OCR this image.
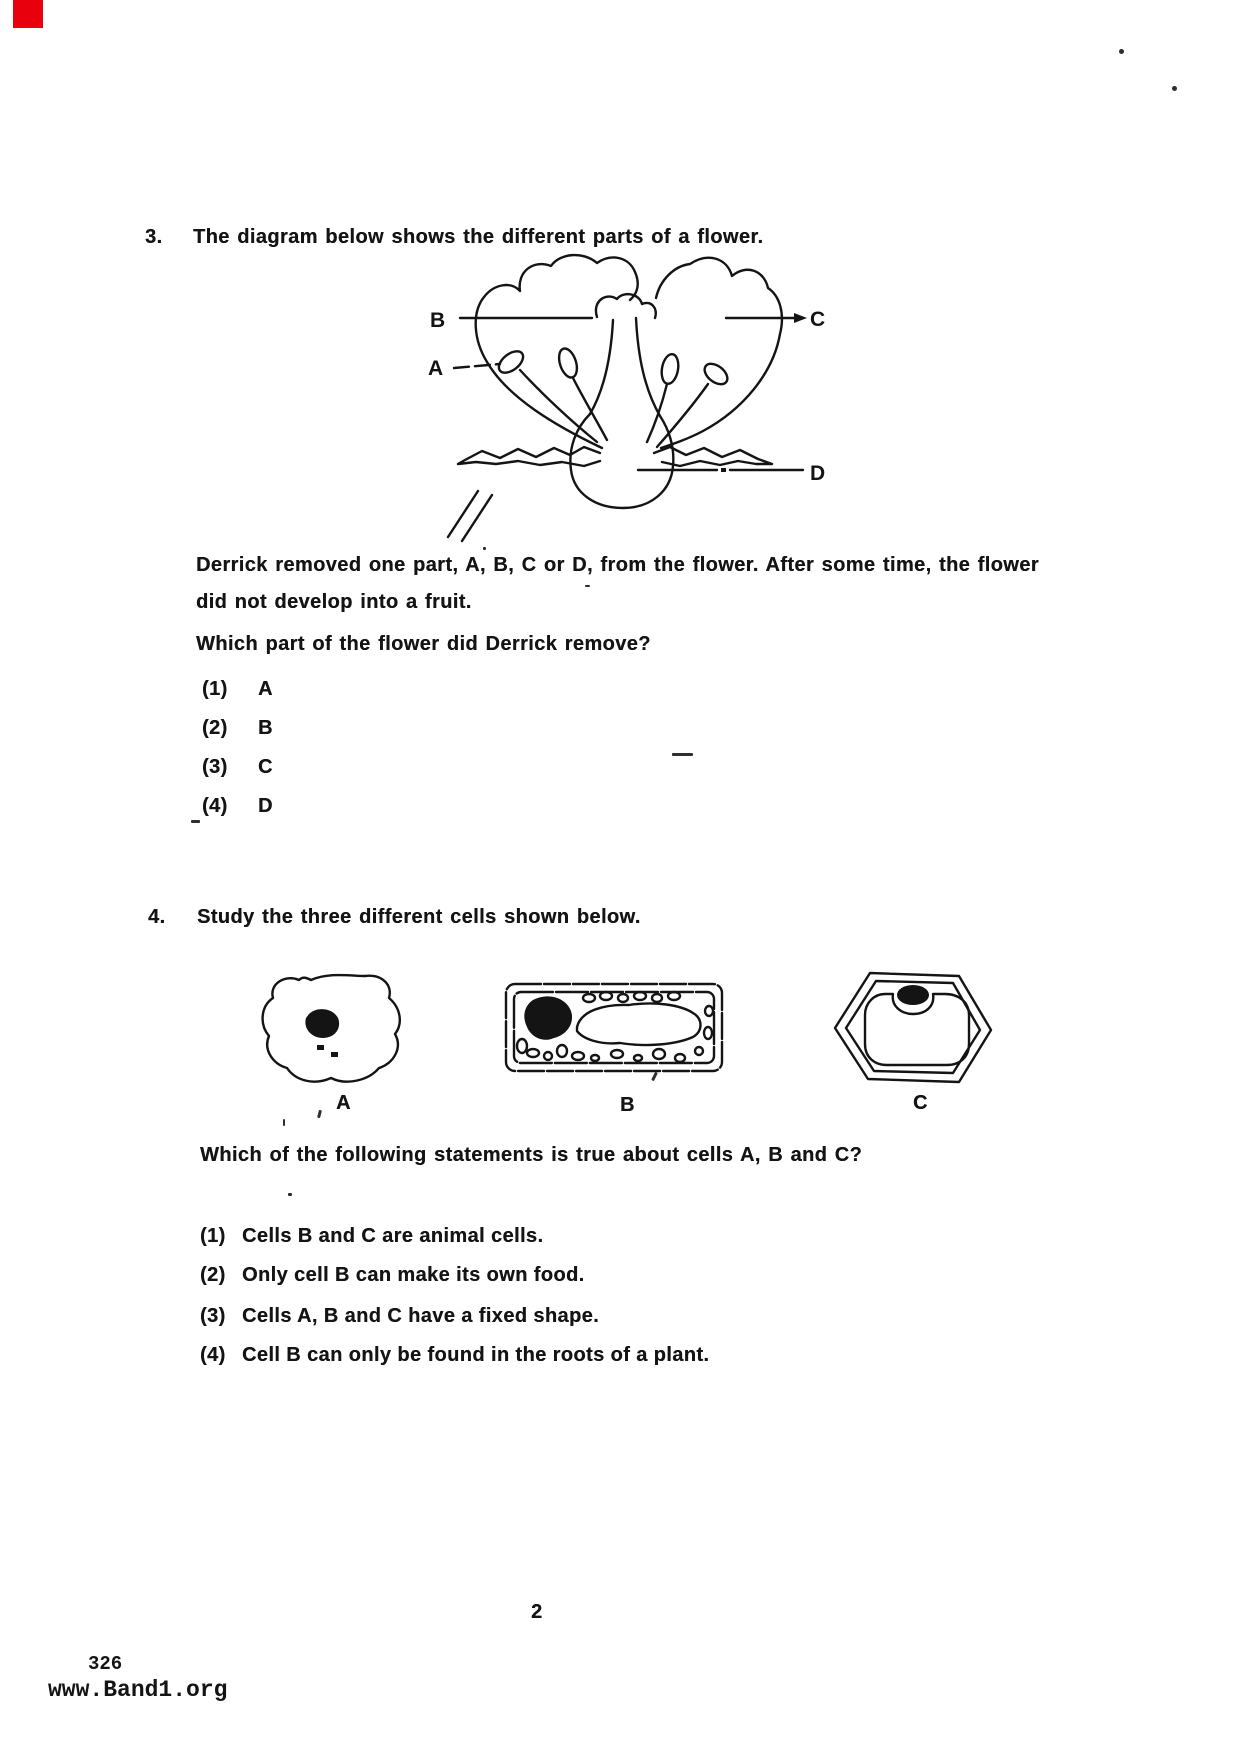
3. The diagram below shows the different parts of a flower.
B
A
C
D
Derrick removed one part, A, B, C or D, from the flower. After some time, the flower
did not develop into a fruit.
Which part of the flower did Derrick remove?
(1) A
(2) B
(3) C
(4) D
4. Study the three different cells shown below.
A	B	C
Which of the following statements is true about cells A, B and C?
(1) Cells B and C are animal cells.
(2) Only cell B can make its own food.
(3) Cells A, B and C have a fixed shape.
(4) Cell B can only be found in the roots of a plant.
2
326
www.Band1.org
